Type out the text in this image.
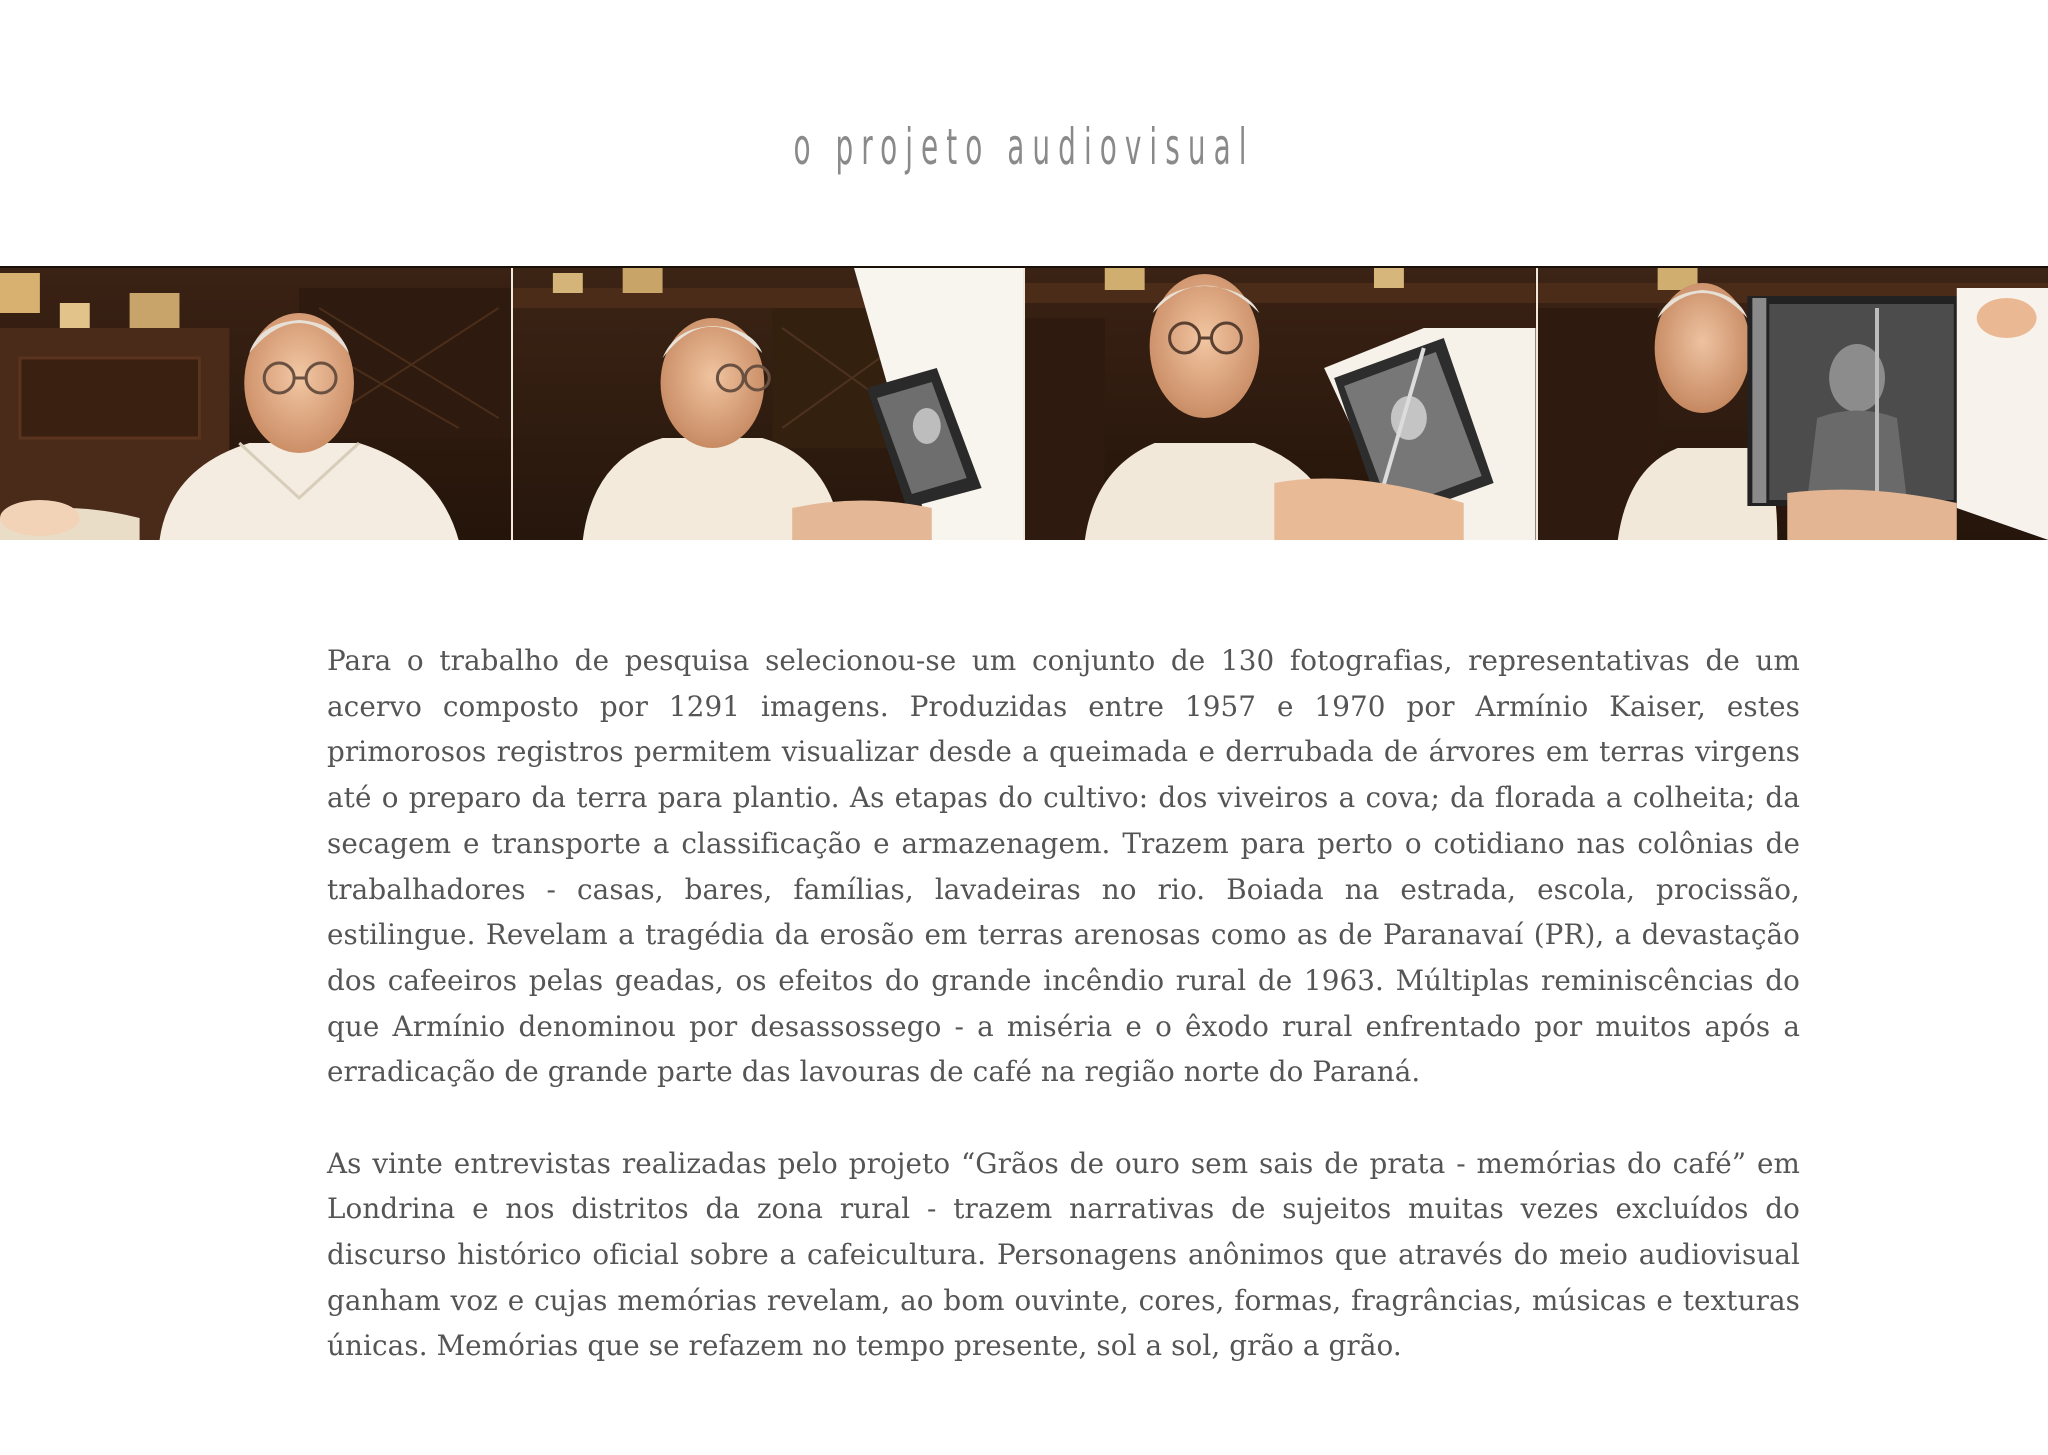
o projeto audiovisual

Para o trabalho de pesquisa selecionou-se um conjunto de 130 fotografias, representativas de um acervo composto por 1291 imagens. Produzidas entre 1957 e 1970 por Armínio Kaiser, estes primorosos registros permitem visualizar desde a queimada e derrubada de árvores em terras virgens até o preparo da terra para plantio. As etapas do cultivo: dos viveiros a cova; da florada a colheita; da secagem e transporte a classificação e armazenagem. Trazem para perto o cotidiano nas colônias de trabalhadores - casas, bares, famílias, lavadeiras no rio. Boiada na estrada, escola, procissão, estilingue. Revelam a tragédia da erosão em terras arenosas como as de Paranavaí (PR), a devastação dos cafeeiros pelas geadas, os efeitos do grande incêndio rural de 1963. Múltiplas reminiscências do que Armínio denominou por desassossego - a miséria e o êxodo rural enfrentado por muitos após a erradicação de grande parte das lavouras de café na região norte do Paraná.

As vinte entrevistas realizadas pelo projeto “Grãos de ouro sem sais de prata - memórias do café” em Londrina e nos distritos da zona rural - trazem narrativas de sujeitos muitas vezes excluídos do discurso histórico oficial sobre a cafeicultura. Personagens anônimos que através do meio audiovisual ganham voz e cujas memórias revelam, ao bom ouvinte, cores, formas, fragrâncias, músicas e texturas únicas. Memórias que se refazem no tempo presente, sol a sol, grão a grão.
